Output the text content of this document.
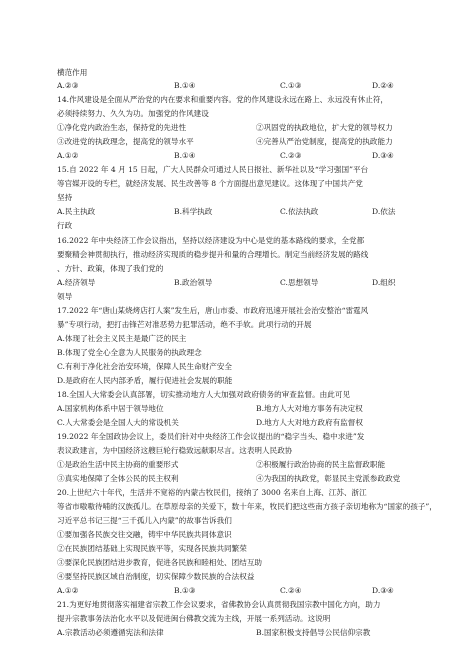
横范作用
A.②③	B.①④	C.①③	D.②④
14.作风建设是全面从严治党的内在要求和重要内容。党的作风建设永远在路上、永远没有休止符，
必须持续努力、久久为功。加强党的作风建设
①净化党内政治生态，保持党的先进性	②巩固党的执政地位，扩大党的领导权力
③改进党的执政理念，提高党的领导水平	④完善从严治党制度，提高党的执政能力
A.①②	B.①④	C.②③	D.③④
15.自 2022 年 4 月 15 日起，广大人民群众可通过人民日报社、新华社以及“学习强国”平台
等官媒开设的专栏，就经济发展、民生改善等 8 个方面提出意见建议。这体现了中国共产党
坚持
A.民主执政	B.科学执政	C.依法执政	D.依法
行政
16.2022 年中央经济工作会议指出，坚持以经济建设为中心是党的基本路线的要求，全党都
要聚精会神贯彻执行，推动经济实现质的稳步提升和量的合理增长。制定当前经济发展的路线
、方针、政策，体现了我们党的
A.经济领导	B.政治领导	C.思想领导	D.组织
领导
17.2022 年“唐山某烧烤店打人案”发生后，唐山市委、市政府迅速开展社会治安整治“雷霆风
暴”专项行动，把打击锋芒对准恶势力犯罪活动，绝不手软。此项行动的开展
A.体现了社会主义民主是最广泛的民主
B.体现了党全心全意为人民服务的执政理念
C.有利于净化社会治安环境，保障人民生命财产安全
D.是政府在人民内部矛盾，履行促进社会发展的职能
18.全国人大常委会认真部署，切实推动地方人大加强对政府债务的审查监督。由此可见
A.国家机构体系中居于领导地位	B.地方人大对地方事务有决定权
C.人大常委会是全国人大的常设机关	D.地方人大对地方政府有监督权
19.2022 年全国政协会议上，委员们针对中央经济工作会议提出的“稳字当头、稳中求进”发
表议政建言，为中国经济这艘巨轮行稳致远献职尽言。这表明人民政协
①是政治生活中民主协商的重要形式	②积极履行政治协商的民主监督政职能
③真实地保障了全体公民的民主权利	④为我国的执政党，彰显民主党派参政政党
20.上世纪六十年代，生活并不宽裕的内蒙古牧民们，接纳了 3000 名来自上海、江苏、浙江
等省市嗷嗷待哺的汉族孤儿。在草原母亲的关爱下，数十年来，牧民们把这些南方孩子亲切地称为“国家的孩子”，
习近平总书记三提“三千孤儿入内蒙”的故事告诉我们
①要加强各民族交往交融，铸牢中华民族共同体意识
②在民族团结基础上实现民族平等，实现各民族共同繁荣
③要深化民族团结进步教育，促进各民族和睦相处、团结互助
④要坚持民族区域自治制度，切实保障少数民族的合法权益
A.①②	B.①③	C.②④	D.③④
21.为更好地贯彻落实福建省宗教工作会议要求，省佛教协会认真贯彻我国宗教中国化方向，助力
提升宗教事务法治化水平以及促进闽台佛教交流为主线，开展一系列活动。这说明
A.宗教活动必须遵循宪法和法律	B.国家积极支持倡导公民信仰宗教
